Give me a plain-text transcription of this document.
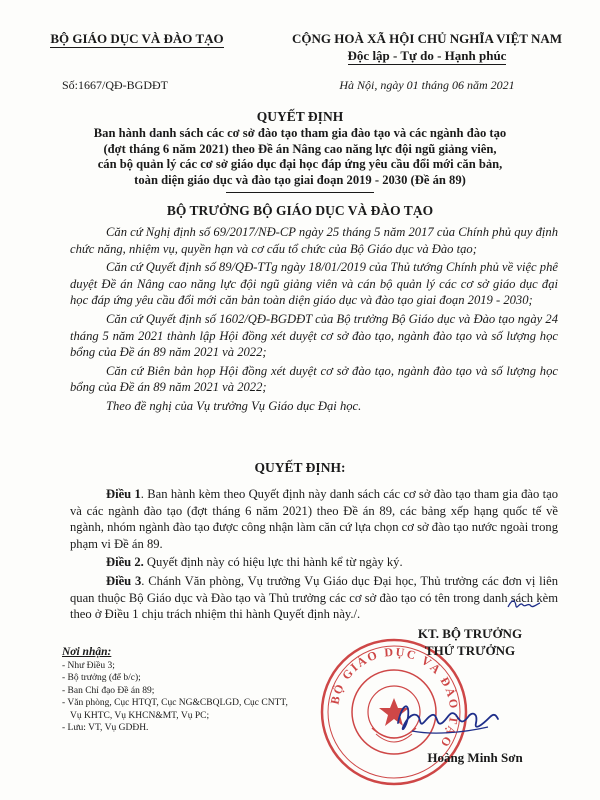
BỘ GIÁO DỤC VÀ ĐÀO TẠO	CỘNG HOÀ XÃ HỘI CHỦ NGHĨA VIỆT NAM
Độc lập - Tự do - Hạnh phúc
Số:1667/QĐ-BGDĐT	Hà Nội, ngày 01 tháng 06 năm 2021
QUYẾT ĐỊNH
Ban hành danh sách các cơ sở đào tạo tham gia đào tạo và các ngành đào tạo
(đợt tháng 6 năm 2021) theo Đề án Nâng cao năng lực đội ngũ giảng viên,
cán bộ quản lý các cơ sở giáo dục đại học đáp ứng yêu cầu đổi mới căn bản,
toàn diện giáo dục và đào tạo giai đoạn 2019 - 2030 (Đề án 89)
BỘ TRƯỞNG BỘ GIÁO DỤC VÀ ĐÀO TẠO

Căn cứ Nghị định số 69/2017/NĐ-CP ngày 25 tháng 5 năm 2017 của Chính phủ quy định chức năng, nhiệm vụ, quyền hạn và cơ cấu tổ chức của Bộ Giáo dục và Đào tạo;

Căn cứ Quyết định số 89/QĐ-TTg ngày 18/01/2019 của Thủ tướng Chính phủ về việc phê duyệt Đề án Nâng cao năng lực đội ngũ giảng viên và cán bộ quản lý các cơ sở giáo dục đại học đáp ứng yêu cầu đổi mới căn bản toàn diện giáo dục và đào tạo giai đoạn 2019 - 2030;

Căn cứ Quyết định số 1602/QĐ-BGDĐT của Bộ trưởng Bộ Giáo dục và Đào tạo ngày 24 tháng 5 năm 2021 thành lập Hội đồng xét duyệt cơ sở đào tạo, ngành đào tạo và số lượng học bổng của Đề án 89 năm 2021 và 2022;

Căn cứ Biên bản họp Hội đồng xét duyệt cơ sở đào tạo, ngành đào tạo và số lượng học bổng của Đề án 89 năm 2021 và 2022;

Theo đề nghị của Vụ trưởng Vụ Giáo dục Đại học.

QUYẾT ĐỊNH:

Điều 1. Ban hành kèm theo Quyết định này danh sách các cơ sở đào tạo tham gia đào tạo và các ngành đào tạo (đợt tháng 6 năm 2021) theo Đề án 89, các bảng xếp hạng quốc tế về ngành, nhóm ngành đào tạo được công nhận làm căn cứ lựa chọn cơ sở đào tạo nước ngoài trong phạm vi Đề án 89.

Điều 2. Quyết định này có hiệu lực thi hành kể từ ngày ký.

Điều 3. Chánh Văn phòng, Vụ trưởng Vụ Giáo dục Đại học, Thủ trưởng các đơn vị liên quan thuộc Bộ Giáo dục và Đào tạo và Thủ trưởng các cơ sở đào tạo có tên trong danh sách kèm theo ở Điều 1 chịu trách nhiệm thi hành Quyết định này./.

Nơi nhận:
- Như Điều 3;
- Bộ trưởng (để b/c);
- Ban Chỉ đạo Đề án 89;
- Văn phòng, Cục HTQT, Cục NG&CBQLGD, Cục CNTT,
Vụ KHTC, Vụ KHCN&MT, Vụ PC;
- Lưu: VT, Vụ GDĐH.
BỘ GIÁO DỤC VÀ ĐÀO TẠO
KT. BỘ TRƯỞNG
THỨ TRƯỞNG
Hoàng Minh Sơn
